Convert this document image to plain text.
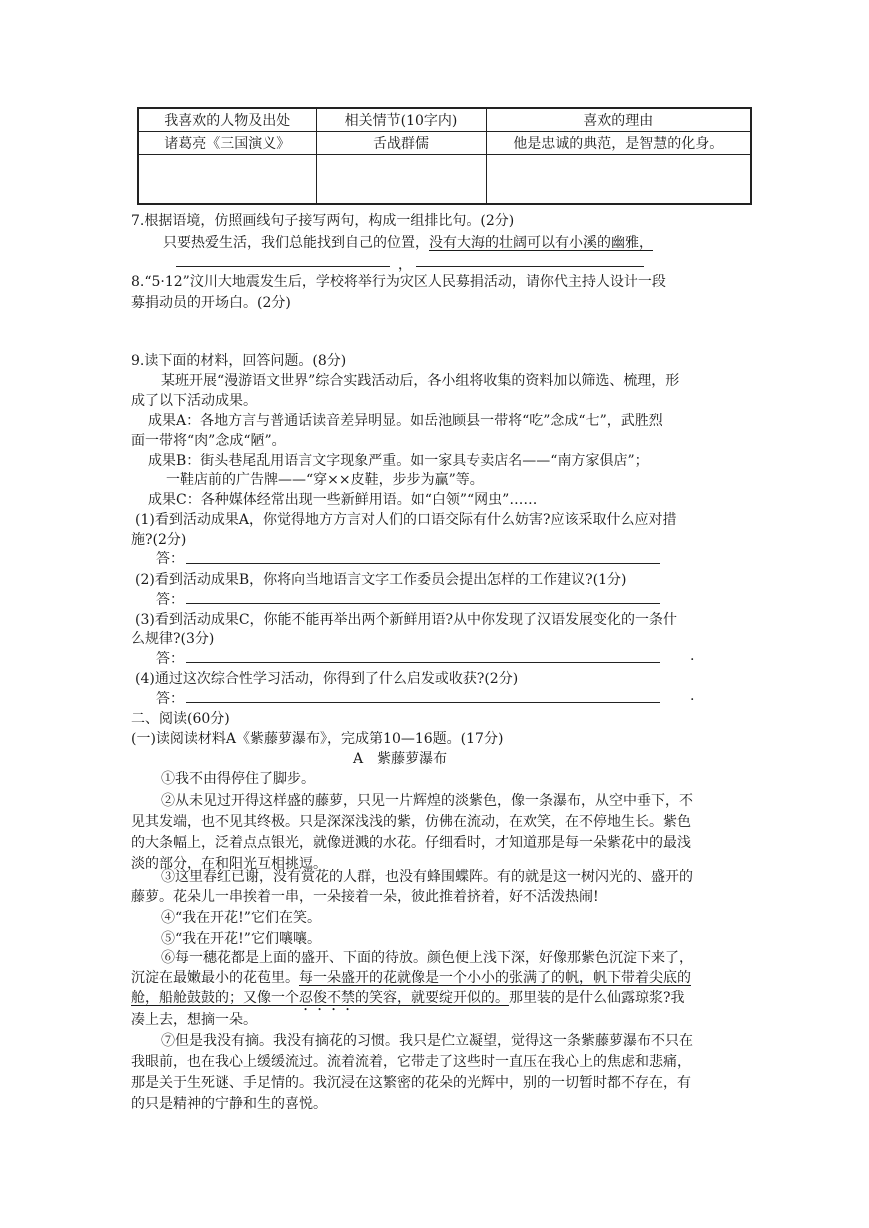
我喜欢的人物及出处	相关情节(10字内)	喜欢的理由
诸葛亮《三国演义》	舌战群儒	他是忠诚的典范，是智慧的化身。

7.根据语境，仿照画线句子接写两句，构成一组排比句。(2分)
只要热爱生活，我们总能找到自己的位置，没有大海的壮阔可以有小溪的幽雅，
，
8.“5·12”汶川大地震发生后，学校将举行为灾区人民募捐活动，请你代主持人设计一段
募捐动员的开场白。(2分)
9.读下面的材料，回答问题。(8分)
某班开展“漫游语文世界”综合实践活动后，各小组将收集的资料加以筛选、梳理，形
成了以下活动成果。
成果A：各地方言与普通话读音差异明显。如岳池顾县一带将“吃”念成“七”，武胜烈
面一带将“肉”念成“陋”。
成果B：街头巷尾乱用语言文字现象严重。如一家具专卖店名——“南方家俱店”；
一鞋店前的广告牌——“穿××皮鞋，步步为赢”等。
成果C：各种媒体经常出现一些新鲜用语。如“白领”“网虫”……
(1)看到活动成果A，你觉得地方方言对人们的口语交际有什么妨害?应该采取什么应对措
施?(2分)
答：
(2)看到活动成果B，你将向当地语言文字工作委员会提出怎样的工作建议?(1分)
答：
(3)看到活动成果C，你能不能再举出两个新鲜用语?从中你发现了汉语发展变化的一条什
么规律?(3分)
答：	.
(4)通过这次综合性学习活动，你得到了什么启发或收获?(2分)
答：	.
二、阅读(60分)
(一)读阅读材料A《紫藤萝瀑布》，完成第10—16题。(17分)
A　紫藤萝瀑布
①我不由得停住了脚步。
②从未见过开得这样盛的藤萝，只见一片辉煌的淡紫色，像一条瀑布，从空中垂下，不
见其发端，也不见其终极。只是深深浅浅的紫，仿佛在流动，在欢笑，在不停地生长。紫色
的大条幅上，泛着点点银光，就像迸溅的水花。仔细看时，才知道那是每一朵紫花中的最浅
淡的部分，在和阳光互相挑逗。
③这里春红已谢，没有赏花的人群，也没有蜂围蝶阵。有的就是这一树闪光的、盛开的
藤萝。花朵儿一串挨着一串，一朵接着一朵，彼此推着挤着，好不活泼热闹!
④“我在开花!”它们在笑。
⑤“我在开花!”它们嚷嚷。
⑥每一穗花都是上面的盛开、下面的待放。颜色便上浅下深，好像那紫色沉淀下来了，
沉淀在最嫩最小的花苞里。每一朵盛开的花就像是一个小小的张满了的帆，帆下带着尖底的
舱，船舱鼓鼓的；又像一个忍俊不禁的笑容，就要绽开似的。那里装的是什么仙露琼浆?我
凑上去，想摘一朵。
⑦但是我没有摘。我没有摘花的习惯。我只是伫立凝望，觉得这一条紫藤萝瀑布不只在
我眼前，也在我心上缓缓流过。流着流着，它带走了这些时一直压在我心上的焦虑和悲痛，
那是关于生死谜、手足情的。我沉浸在这繁密的花朵的光辉中，别的一切暂时都不存在，有
的只是精神的宁静和生的喜悦。
